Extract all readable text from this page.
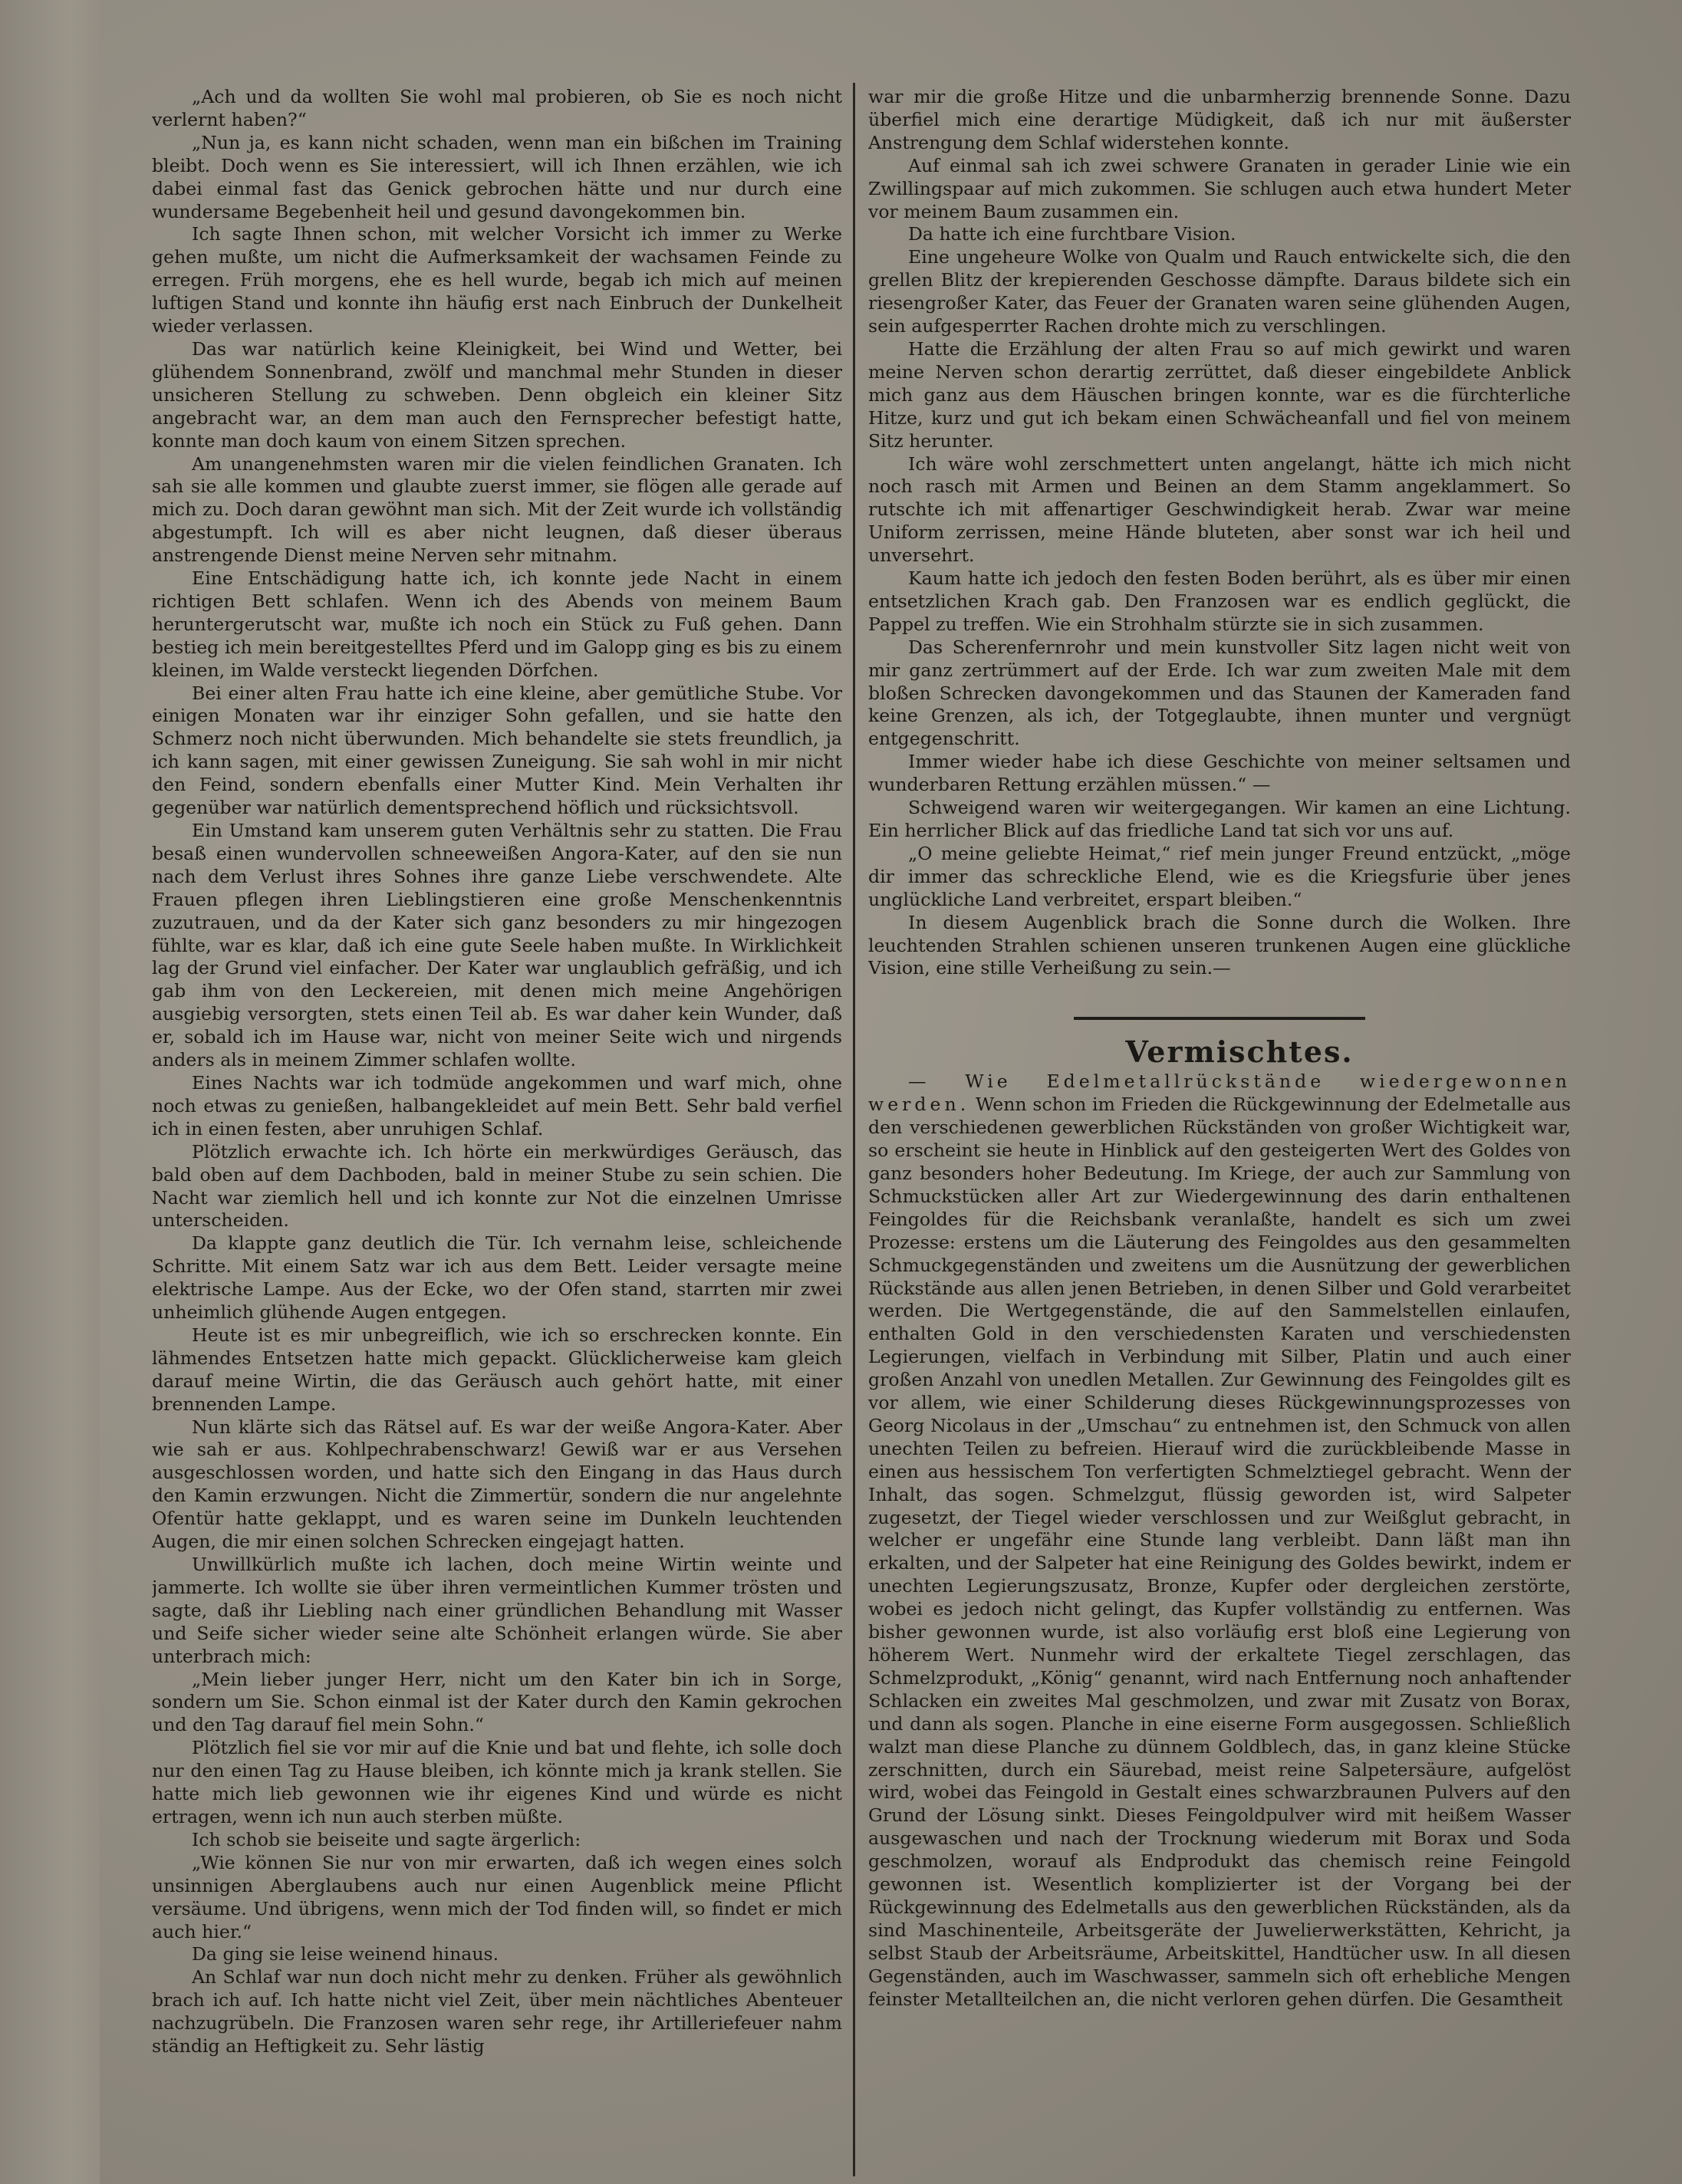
„Ach und da wollten Sie wohl mal probieren, ob Sie es noch nicht verlernt haben?“

„Nun ja, es kann nicht schaden, wenn man ein bißchen im Training bleibt. Doch wenn es Sie interessiert, will ich Ihnen erzählen, wie ich dabei einmal fast das Genick gebrochen hätte und nur durch eine wundersame Begebenheit heil und gesund davongekommen bin.

Ich sagte Ihnen schon, mit welcher Vorsicht ich immer zu Werke gehen mußte, um nicht die Aufmerksamkeit der wachsamen Feinde zu erregen. Früh morgens, ehe es hell wurde, begab ich mich auf meinen luftigen Stand und konnte ihn häufig erst nach Einbruch der Dunkelheit wieder verlassen.

Das war natürlich keine Kleinigkeit, bei Wind und Wetter, bei glühendem Sonnenbrand, zwölf und manchmal mehr Stunden in dieser unsicheren Stellung zu schweben. Denn obgleich ein kleiner Sitz angebracht war, an dem man auch den Fernsprecher befestigt hatte, konnte man doch kaum von einem Sitzen sprechen.

Am unangenehmsten waren mir die vielen feindlichen Granaten. Ich sah sie alle kommen und glaubte zuerst immer, sie flögen alle gerade auf mich zu. Doch daran gewöhnt man sich. Mit der Zeit wurde ich vollständig abgestumpft. Ich will es aber nicht leugnen, daß dieser überaus anstrengende Dienst meine Nerven sehr mitnahm.

Eine Entschädigung hatte ich, ich konnte jede Nacht in einem richtigen Bett schlafen. Wenn ich des Abends von meinem Baum heruntergerutscht war, mußte ich noch ein Stück zu Fuß gehen. Dann bestieg ich mein bereitgestelltes Pferd und im Galopp ging es bis zu einem kleinen, im Walde versteckt liegenden Dörfchen.

Bei einer alten Frau hatte ich eine kleine, aber gemütliche Stube. Vor einigen Monaten war ihr einziger Sohn gefallen, und sie hatte den Schmerz noch nicht überwunden. Mich behandelte sie stets freundlich, ja ich kann sagen, mit einer gewissen Zuneigung. Sie sah wohl in mir nicht den Feind, sondern ebenfalls einer Mutter Kind. Mein Verhalten ihr gegenüber war natürlich dementsprechend höflich und rücksichtsvoll.

Ein Umstand kam unserem guten Verhältnis sehr zu statten. Die Frau besaß einen wundervollen schneeweißen Angora-Kater, auf den sie nun nach dem Verlust ihres Sohnes ihre ganze Liebe verschwendete. Alte Frauen pflegen ihren Lieblingstieren eine große Menschenkenntnis zuzutrauen, und da der Kater sich ganz besonders zu mir hingezogen fühlte, war es klar, daß ich eine gute Seele haben mußte. In Wirklichkeit lag der Grund viel einfacher. Der Kater war unglaublich gefräßig, und ich gab ihm von den Leckereien, mit denen mich meine Angehörigen ausgiebig versorgten, stets einen Teil ab. Es war daher kein Wunder, daß er, sobald ich im Hause war, nicht von meiner Seite wich und nirgends anders als in meinem Zimmer schlafen wollte.

Eines Nachts war ich todmüde angekommen und warf mich, ohne noch etwas zu genießen, halbangekleidet auf mein Bett. Sehr bald verfiel ich in einen festen, aber unruhigen Schlaf.

Plötzlich erwachte ich. Ich hörte ein merkwürdiges Geräusch, das bald oben auf dem Dachboden, bald in meiner Stube zu sein schien. Die Nacht war ziemlich hell und ich konnte zur Not die einzelnen Umrisse unterscheiden.

Da klappte ganz deutlich die Tür. Ich vernahm leise, schleichende Schritte. Mit einem Satz war ich aus dem Bett. Leider versagte meine elektrische Lampe. Aus der Ecke, wo der Ofen stand, starrten mir zwei unheimlich glühende Augen entgegen.

Heute ist es mir unbegreiflich, wie ich so erschrecken konnte. Ein lähmendes Entsetzen hatte mich gepackt. Glücklicherweise kam gleich darauf meine Wirtin, die das Geräusch auch gehört hatte, mit einer brennenden Lampe.

Nun klärte sich das Rätsel auf. Es war der weiße Angora-Kater. Aber wie sah er aus. Kohlpechrabenschwarz! Gewiß war er aus Versehen ausgeschlossen worden, und hatte sich den Eingang in das Haus durch den Kamin erzwungen. Nicht die Zimmertür, sondern die nur angelehnte Ofentür hatte geklappt, und es waren seine im Dunkeln leuchtenden Augen, die mir einen solchen Schrecken eingejagt hatten.

Unwillkürlich mußte ich lachen, doch meine Wirtin weinte und jammerte. Ich wollte sie über ihren vermeintlichen Kummer trösten und sagte, daß ihr Liebling nach einer gründlichen Behandlung mit Wasser und Seife sicher wieder seine alte Schönheit erlangen würde. Sie aber unterbrach mich:

„Mein lieber junger Herr, nicht um den Kater bin ich in Sorge, sondern um Sie. Schon einmal ist der Kater durch den Kamin gekrochen und den Tag darauf fiel mein Sohn.“

Plötzlich fiel sie vor mir auf die Knie und bat und flehte, ich solle doch nur den einen Tag zu Hause bleiben, ich könnte mich ja krank stellen. Sie hatte mich lieb gewonnen wie ihr eigenes Kind und würde es nicht ertragen, wenn ich nun auch sterben müßte.

Ich schob sie beiseite und sagte ärgerlich:

„Wie können Sie nur von mir erwarten, daß ich wegen eines solch unsinnigen Aberglaubens auch nur einen Augenblick meine Pflicht versäume. Und übrigens, wenn mich der Tod finden will, so findet er mich auch hier.“

Da ging sie leise weinend hinaus.

An Schlaf war nun doch nicht mehr zu denken. Früher als gewöhnlich brach ich auf. Ich hatte nicht viel Zeit, über mein nächtliches Abenteuer nachzugrübeln. Die Franzosen waren sehr rege, ihr Artilleriefeuer nahm ständig an Heftigkeit zu. Sehr lästig

war mir die große Hitze und die unbarmherzig brennende Sonne. Dazu überfiel mich eine derartige Müdigkeit, daß ich nur mit äußerster Anstrengung dem Schlaf widerstehen konnte.

Auf einmal sah ich zwei schwere Granaten in gerader Linie wie ein Zwillingspaar auf mich zukommen. Sie schlugen auch etwa hundert Meter vor meinem Baum zusammen ein.

Da hatte ich eine furchtbare Vision.

Eine ungeheure Wolke von Qualm und Rauch entwickelte sich, die den grellen Blitz der krepierenden Geschosse dämpfte. Daraus bildete sich ein riesengroßer Kater, das Feuer der Granaten waren seine glühenden Augen, sein aufgesperrter Rachen drohte mich zu verschlingen.

Hatte die Erzählung der alten Frau so auf mich gewirkt und waren meine Nerven schon derartig zerrüttet, daß dieser eingebildete Anblick mich ganz aus dem Häuschen bringen konnte, war es die fürchterliche Hitze, kurz und gut ich bekam einen Schwächeanfall und fiel von meinem Sitz herunter.

Ich wäre wohl zerschmettert unten angelangt, hätte ich mich nicht noch rasch mit Armen und Beinen an dem Stamm angeklammert. So rutschte ich mit affenartiger Geschwindigkeit herab. Zwar war meine Uniform zerrissen, meine Hände bluteten, aber sonst war ich heil und unversehrt.

Kaum hatte ich jedoch den festen Boden berührt, als es über mir einen entsetzlichen Krach gab. Den Franzosen war es endlich geglückt, die Pappel zu treffen. Wie ein Strohhalm stürzte sie in sich zusammen.

Das Scherenfernrohr und mein kunstvoller Sitz lagen nicht weit von mir ganz zertrümmert auf der Erde. Ich war zum zweiten Male mit dem bloßen Schrecken davongekommen und das Staunen der Kameraden fand keine Grenzen, als ich, der Totgeglaubte, ihnen munter und vergnügt entgegenschritt.

Immer wieder habe ich diese Geschichte von meiner seltsamen und wunderbaren Rettung erzählen müssen.“ —

Schweigend waren wir weitergegangen. Wir kamen an eine Lichtung. Ein herrlicher Blick auf das friedliche Land tat sich vor uns auf.

„O meine geliebte Heimat,“ rief mein junger Freund entzückt, „möge dir immer das schreckliche Elend, wie es die Kriegsfurie über jenes unglückliche Land verbreitet, erspart bleiben.“

In diesem Augenblick brach die Sonne durch die Wolken. Ihre leuchtenden Strahlen schienen unseren trunkenen Augen eine glückliche Vision, eine stille Verheißung zu sein.—

Vermischtes.

— Wie Edelmetallrückstände wiedergewonnen werden. Wenn schon im Frieden die Rückgewinnung der Edelmetalle aus den verschiedenen gewerblichen Rückständen von großer Wichtigkeit war, so erscheint sie heute in Hinblick auf den gesteigerten Wert des Goldes von ganz besonders hoher Bedeutung. Im Kriege, der auch zur Sammlung von Schmuckstücken aller Art zur Wiedergewinnung des darin enthaltenen Feingoldes für die Reichsbank veranlaßte, handelt es sich um zwei Prozesse: erstens um die Läuterung des Feingoldes aus den gesammelten Schmuckgegenständen und zweitens um die Ausnützung der gewerblichen Rückstände aus allen jenen Betrieben, in denen Silber und Gold verarbeitet werden. Die Wertgegenstände, die auf den Sammelstellen einlaufen, enthalten Gold in den verschiedensten Karaten und verschiedensten Legierungen, vielfach in Verbindung mit Silber, Platin und auch einer großen Anzahl von unedlen Metallen. Zur Gewinnung des Feingoldes gilt es vor allem, wie einer Schilderung dieses Rückgewinnungsprozesses von Georg Nicolaus in der „Umschau“ zu entnehmen ist, den Schmuck von allen unechten Teilen zu befreien. Hierauf wird die zurückbleibende Masse in einen aus hessischem Ton verfertigten Schmelztiegel gebracht. Wenn der Inhalt, das sogen. Schmelzgut, flüssig geworden ist, wird Salpeter zugesetzt, der Tiegel wieder verschlossen und zur Weißglut gebracht, in welcher er ungefähr eine Stunde lang verbleibt. Dann läßt man ihn erkalten, und der Salpeter hat eine Reinigung des Goldes bewirkt, indem er unechten Legierungszusatz, Bronze, Kupfer oder dergleichen zerstörte, wobei es jedoch nicht gelingt, das Kupfer vollständig zu entfernen. Was bisher gewonnen wurde, ist also vorläufig erst bloß eine Legierung von höherem Wert. Nunmehr wird der erkaltete Tiegel zerschlagen, das Schmelzprodukt, „König“ genannt, wird nach Entfernung noch anhaftender Schlacken ein zweites Mal geschmolzen, und zwar mit Zusatz von Borax, und dann als sogen. Planche in eine eiserne Form ausgegossen. Schließlich walzt man diese Planche zu dünnem Goldblech, das, in ganz kleine Stücke zerschnitten, durch ein Säurebad, meist reine Salpetersäure, aufgelöst wird, wobei das Feingold in Gestalt eines schwarzbraunen Pulvers auf den Grund der Lösung sinkt. Dieses Feingoldpulver wird mit heißem Wasser ausgewaschen und nach der Trocknung wiederum mit Borax und Soda geschmolzen, worauf als Endprodukt das chemisch reine Feingold gewonnen ist. Wesentlich komplizierter ist der Vorgang bei der Rückgewinnung des Edelmetalls aus den gewerblichen Rückständen, als da sind Maschinenteile, Arbeitsgeräte der Juwelierwerkstätten, Kehricht, ja selbst Staub der Arbeitsräume, Arbeitskittel, Handtücher usw. In all diesen Gegenständen, auch im Waschwasser, sammeln sich oft erhebliche Mengen feinster Metallteilchen an, die nicht verloren gehen dürfen. Die Gesamtheit
